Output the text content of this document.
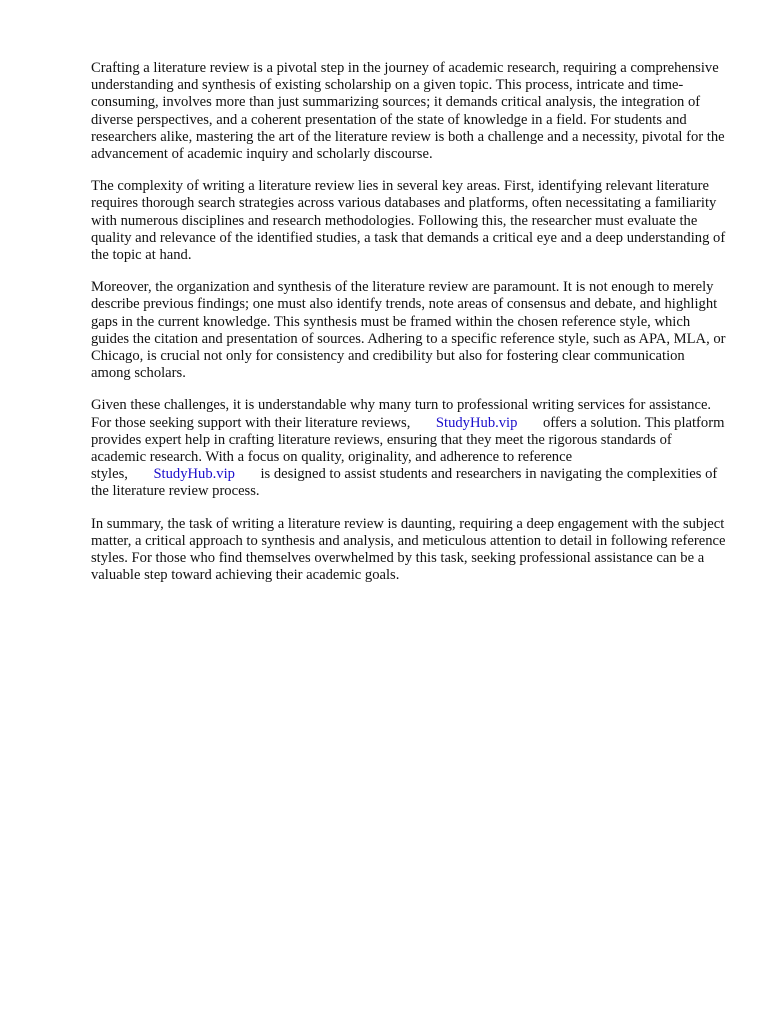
Crafting a literature review is a pivotal step in the journey of academic research, requiring a comprehensive understanding and synthesis of existing scholarship on a given topic. This process, intricate and time-consuming, involves more than just summarizing sources; it demands critical analysis, the integration of diverse perspectives, and a coherent presentation of the state of knowledge in a field. For students and researchers alike, mastering the art of the literature review is both a challenge and a necessity, pivotal for the advancement of academic inquiry and scholarly discourse.

The complexity of writing a literature review lies in several key areas. First, identifying relevant literature requires thorough search strategies across various databases and platforms, often necessitating a familiarity with numerous disciplines and research methodologies. Following this, the researcher must evaluate the quality and relevance of the identified studies, a task that demands a critical eye and a deep understanding of the topic at hand.

Moreover, the organization and synthesis of the literature review are paramount. It is not enough to merely describe previous findings; one must also identify trends, note areas of consensus and debate, and highlight gaps in the current knowledge. This synthesis must be framed within the chosen reference style, which guides the citation and presentation of sources. Adhering to a specific reference style, such as APA, MLA, or Chicago, is crucial not only for consistency and credibility but also for fostering clear communication among scholars.

Given these challenges, it is understandable why many turn to professional writing services for assistance. For those seeking support with their literature reviews, StudyHub.vip offers a solution. This platform provides expert help in crafting literature reviews, ensuring that they meet the rigorous standards of academic research. With a focus on quality, originality, and adherence to reference styles, StudyHub.vip is designed to assist students and researchers in navigating the complexities of the literature review process.

In summary, the task of writing a literature review is daunting, requiring a deep engagement with the subject matter, a critical approach to synthesis and analysis, and meticulous attention to detail in following reference styles. For those who find themselves overwhelmed by this task, seeking professional assistance can be a valuable step toward achieving their academic goals.
